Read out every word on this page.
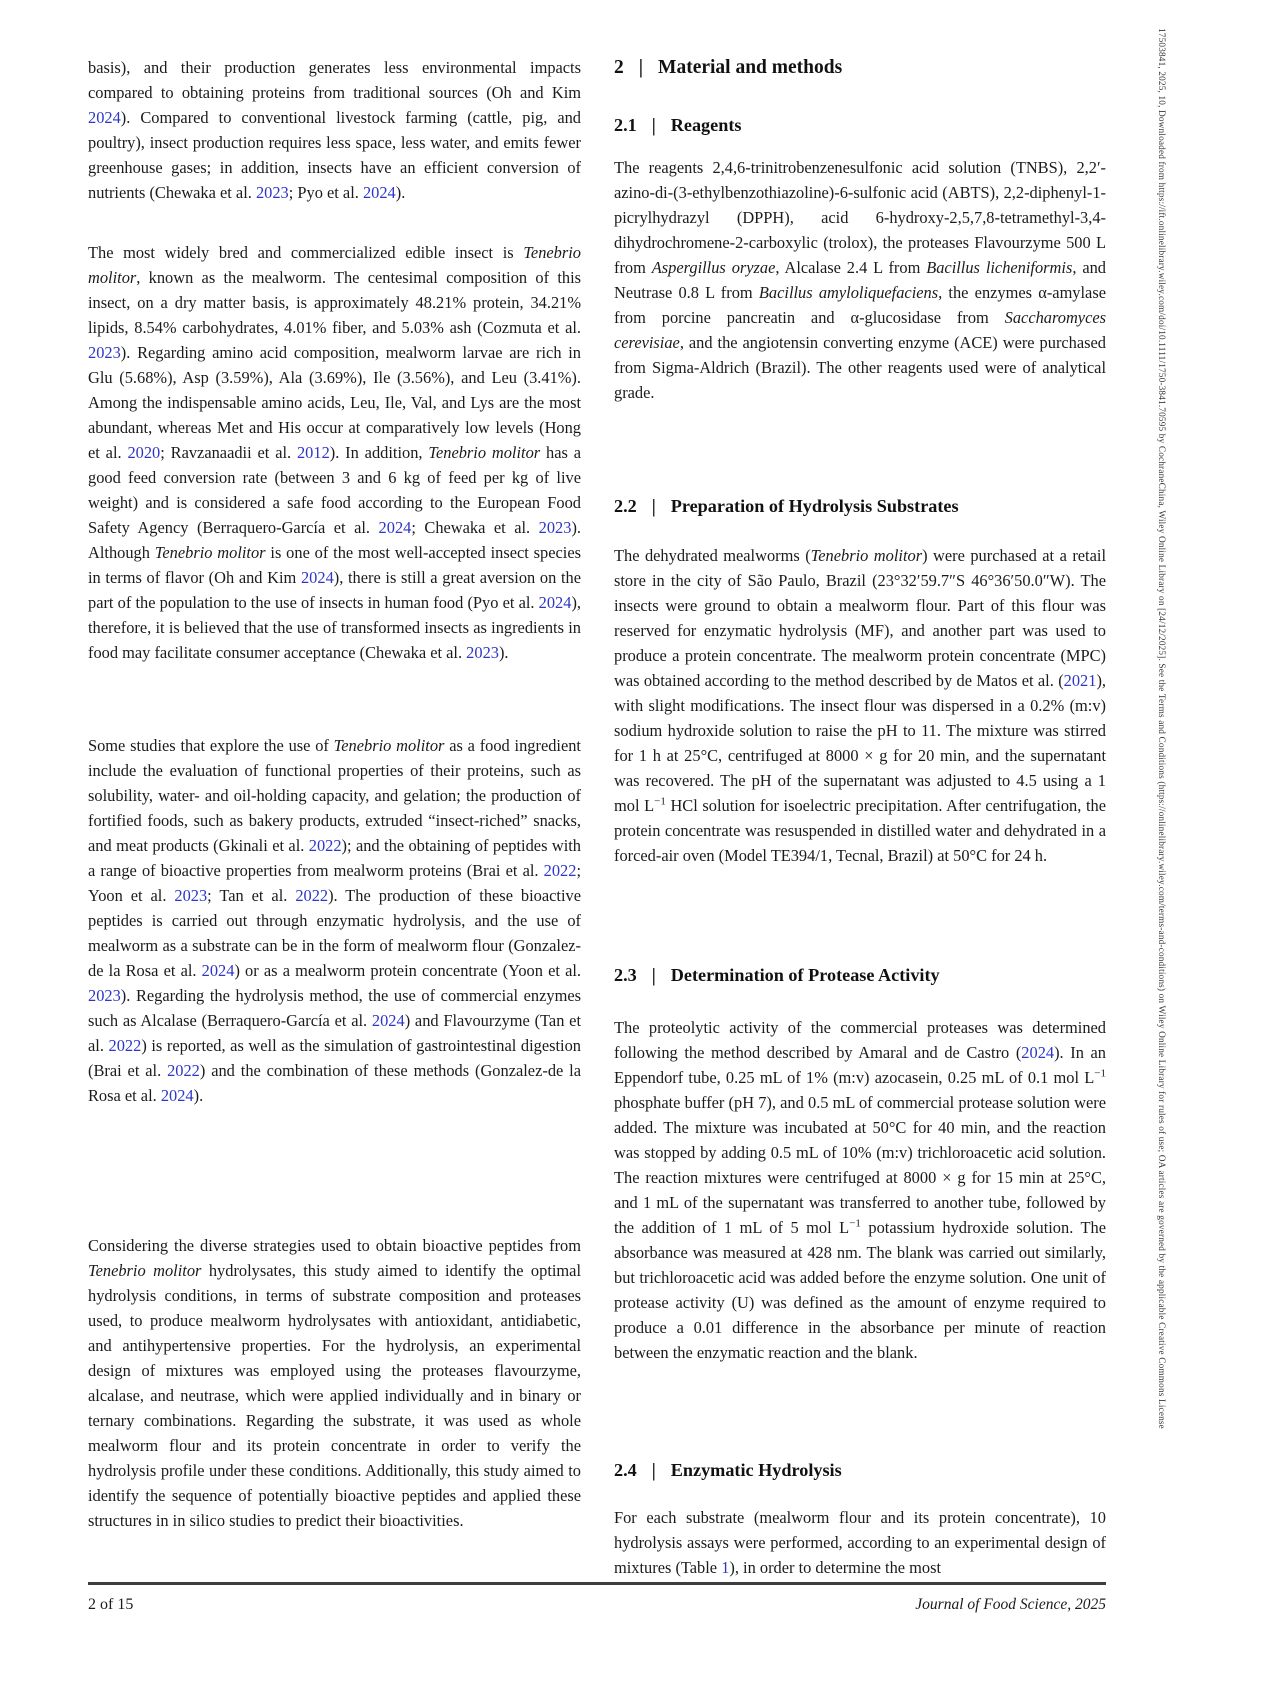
basis), and their production generates less environmental impacts compared to obtaining proteins from traditional sources (Oh and Kim 2024). Compared to conventional livestock farming (cattle, pig, and poultry), insect production requires less space, less water, and emits fewer greenhouse gases; in addition, insects have an efficient conversion of nutrients (Chewaka et al. 2023; Pyo et al. 2024).
The most widely bred and commercialized edible insect is Tenebrio molitor, known as the mealworm. The centesimal composition of this insect, on a dry matter basis, is approximately 48.21% protein, 34.21% lipids, 8.54% carbohydrates, 4.01% fiber, and 5.03% ash (Cozmuta et al. 2023). Regarding amino acid composition, mealworm larvae are rich in Glu (5.68%), Asp (3.59%), Ala (3.69%), Ile (3.56%), and Leu (3.41%). Among the indispensable amino acids, Leu, Ile, Val, and Lys are the most abundant, whereas Met and His occur at comparatively low levels (Hong et al. 2020; Ravzanaadii et al. 2012). In addition, Tenebrio molitor has a good feed conversion rate (between 3 and 6 kg of feed per kg of live weight) and is considered a safe food according to the European Food Safety Agency (Berraquero-García et al. 2024; Chewaka et al. 2023). Although Tenebrio molitor is one of the most well-accepted insect species in terms of flavor (Oh and Kim 2024), there is still a great aversion on the part of the population to the use of insects in human food (Pyo et al. 2024), therefore, it is believed that the use of transformed insects as ingredients in food may facilitate consumer acceptance (Chewaka et al. 2023).
Some studies that explore the use of Tenebrio molitor as a food ingredient include the evaluation of functional properties of their proteins, such as solubility, water- and oil-holding capacity, and gelation; the production of fortified foods, such as bakery products, extruded “insect-riched” snacks, and meat products (Gkinali et al. 2022); and the obtaining of peptides with a range of bioactive properties from mealworm proteins (Brai et al. 2022; Yoon et al. 2023; Tan et al. 2022). The production of these bioactive peptides is carried out through enzymatic hydrolysis, and the use of mealworm as a substrate can be in the form of mealworm flour (Gonzalez-de la Rosa et al. 2024) or as a mealworm protein concentrate (Yoon et al. 2023). Regarding the hydrolysis method, the use of commercial enzymes such as Alcalase (Berraquero-García et al. 2024) and Flavourzyme (Tan et al. 2022) is reported, as well as the simulation of gastrointestinal digestion (Brai et al. 2022) and the combination of these methods (Gonzalez-de la Rosa et al. 2024).
Considering the diverse strategies used to obtain bioactive peptides from Tenebrio molitor hydrolysates, this study aimed to identify the optimal hydrolysis conditions, in terms of substrate composition and proteases used, to produce mealworm hydrolysates with antioxidant, antidiabetic, and antihypertensive properties. For the hydrolysis, an experimental design of mixtures was employed using the proteases flavourzyme, alcalase, and neutrase, which were applied individually and in binary or ternary combinations. Regarding the substrate, it was used as whole mealworm flour and its protein concentrate in order to verify the hydrolysis profile under these conditions. Additionally, this study aimed to identify the sequence of potentially bioactive peptides and applied these structures in in silico studies to predict their bioactivities.
2 | Material and methods
2.1 | Reagents
The reagents 2,4,6-trinitrobenzenesulfonic acid solution (TNBS), 2,2′-azino-di-(3-ethylbenzothiazoline)-6-sulfonic acid (ABTS), 2,2-diphenyl-1-picrylhydrazyl (DPPH), acid 6-hydroxy-2,5,7,8-tetramethyl-3,4-dihydrochromene-2-carboxylic (trolox), the proteases Flavourzyme 500 L from Aspergillus oryzae, Alcalase 2.4 L from Bacillus licheniformis, and Neutrase 0.8 L from Bacillus amyloliquefaciens, the enzymes α-amylase from porcine pancreatin and α-glucosidase from Saccharomyces cerevisiae, and the angiotensin converting enzyme (ACE) were purchased from Sigma-Aldrich (Brazil). The other reagents used were of analytical grade.
2.2 | Preparation of Hydrolysis Substrates
The dehydrated mealworms (Tenebrio molitor) were purchased at a retail store in the city of São Paulo, Brazil (23°32′59.7″S 46°36′50.0″W). The insects were ground to obtain a mealworm flour. Part of this flour was reserved for enzymatic hydrolysis (MF), and another part was used to produce a protein concentrate. The mealworm protein concentrate (MPC) was obtained according to the method described by de Matos et al. (2021), with slight modifications. The insect flour was dispersed in a 0.2% (m:v) sodium hydroxide solution to raise the pH to 11. The mixture was stirred for 1 h at 25°C, centrifuged at 8000 × g for 20 min, and the supernatant was recovered. The pH of the supernatant was adjusted to 4.5 using a 1 mol $L^{-1}$ HCl solution for isoelectric precipitation. After centrifugation, the protein concentrate was resuspended in distilled water and dehydrated in a forced-air oven (Model TE394/1, Tecnal, Brazil) at 50°C for 24 h.
2.3 | Determination of Protease Activity
The proteolytic activity of the commercial proteases was determined following the method described by Amaral and de Castro (2024). In an Eppendorf tube, 0.25 mL of 1% (m:v) azocasein, 0.25 mL of 0.1 mol $L^{-1}$ phosphate buffer (pH 7), and 0.5 mL of commercial protease solution were added. The mixture was incubated at 50°C for 40 min, and the reaction was stopped by adding 0.5 mL of 10% (m:v) trichloroacetic acid solution. The reaction mixtures were centrifuged at 8000 × g for 15 min at 25°C, and 1 mL of the supernatant was transferred to another tube, followed by the addition of 1 mL of 5 mol $L^{-1}$ potassium hydroxide solution. The absorbance was measured at 428 nm. The blank was carried out similarly, but trichloroacetic acid was added before the enzyme solution. One unit of protease activity (U) was defined as the amount of enzyme required to produce a 0.01 difference in the absorbance per minute of reaction between the enzymatic reaction and the blank.
2.4 | Enzymatic Hydrolysis
For each substrate (mealworm flour and its protein concentrate), 10 hydrolysis assays were performed, according to an experimental design of mixtures (Table 1), in order to determine the most
2 of 15	Journal of Food Science, 2025
17503841, 2025, 10, Downloaded from https://ift.onlinelibrary.wiley.com/doi/10.1111/1750-3841.70595 by CochraneChina, Wiley Online Library on [24/12/2025]. See the Terms and Conditions (https://onlinelibrary.wiley.com/terms-and-conditions) on Wiley Online Library for rules of use; OA articles are governed by the applicable Creative Commons License
